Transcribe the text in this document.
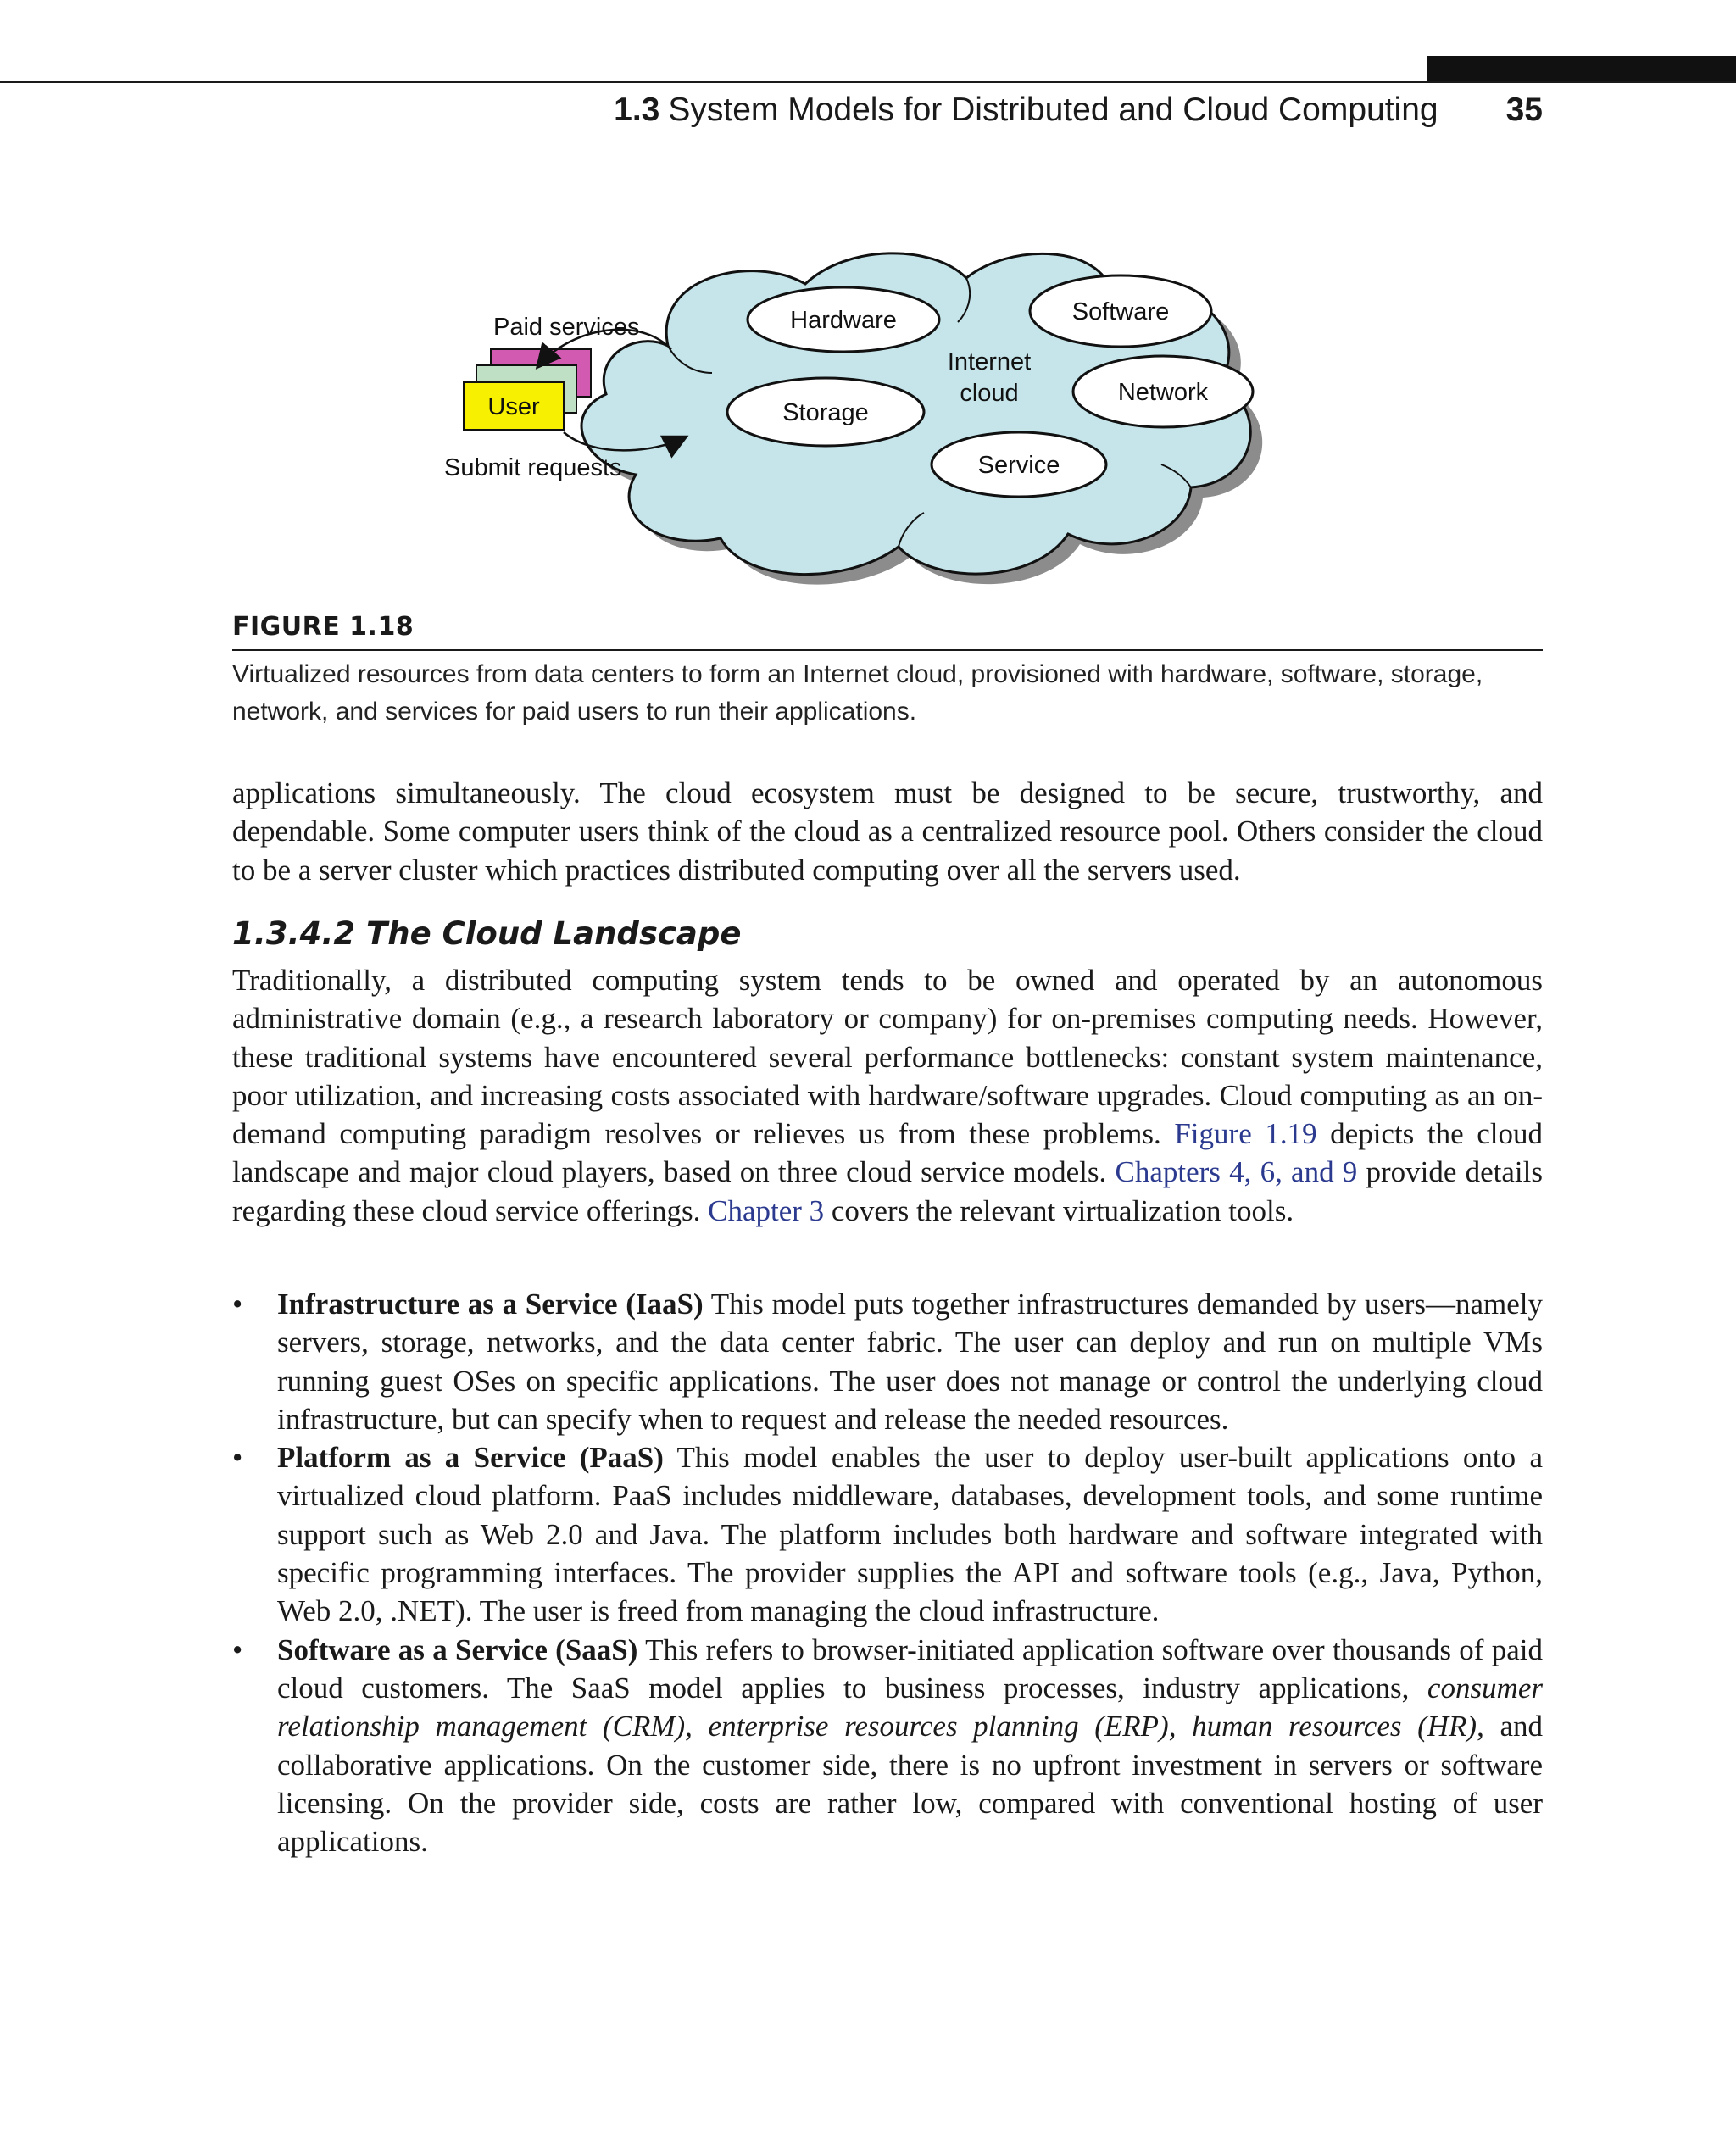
1.3 System Models for Distributed and Cloud Computing 35
Hardware	Software
Storage
Network
Service
Internet
cloud
User
Paid services
Submit requests
FIGURE 1.18
Virtualized resources from data centers to form an Internet cloud, provisioned with hardware, software, storage, network, and services for paid users to run their applications.
applications simultaneously. The cloud ecosystem must be designed to be secure, trustworthy, and dependable. Some computer users think of the cloud as a centralized resource pool. Others consider the cloud to be a server cluster which practices distributed computing over all the servers used.
1.3.4.2 The Cloud Landscape
Traditionally, a distributed computing system tends to be owned and operated by an autonomous administrative domain (e.g., a research laboratory or company) for on-premises computing needs. However, these traditional systems have encountered several performance bottlenecks: constant system maintenance, poor utilization, and increasing costs associated with hardware/software upgrades. Cloud computing as an on-demand computing paradigm resolves or relieves us from these problems. Figure 1.19 depicts the cloud landscape and major cloud players, based on three cloud service models. Chapters 4, 6, and 9 provide details regarding these cloud service offerings. Chapter 3 covers the relevant virtualization tools.
• Infrastructure as a Service (IaaS) This model puts together infrastructures demanded by users—namely servers, storage, networks, and the data center fabric. The user can deploy and run on multiple VMs running guest OSes on specific applications. The user does not manage or control the underlying cloud infrastructure, but can specify when to request and release the needed resources.
• Platform as a Service (PaaS) This model enables the user to deploy user-built applications onto a virtualized cloud platform. PaaS includes middleware, databases, development tools, and some runtime support such as Web 2.0 and Java. The platform includes both hardware and software integrated with specific programming interfaces. The provider supplies the API and software tools (e.g., Java, Python, Web 2.0, .NET). The user is freed from managing the cloud infrastructure.
• Software as a Service (SaaS) This refers to browser-initiated application software over thousands of paid cloud customers. The SaaS model applies to business processes, industry applications, consumer relationship management (CRM), enterprise resources planning (ERP), human resources (HR), and collaborative applications. On the customer side, there is no upfront investment in servers or software licensing. On the provider side, costs are rather low, compared with conventional hosting of user applications.
